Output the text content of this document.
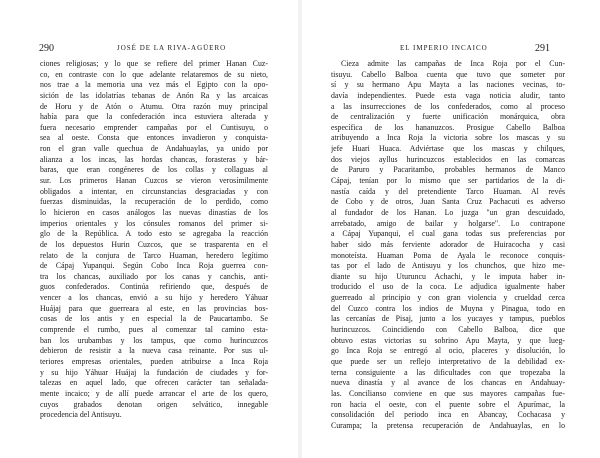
290	JOSÉ DE LA RIVA-AGÜERO
ciones religiosas; y lo que se refiere del primer Hanan Cuz-
co, en contraste con lo que adelante relataremos de su nieto,
nos trae a la memoria una vez más el Egipto con la opo-
sición de las idolatrías tebanas de Anón Ra y las arcaicas
de Horu y de Atón o Atumu. Otra razón muy principal
había para que la confederación inca estuviera alterada y
fuera necesario emprender campañas por el Cuntisuyu, o
sea al oeste. Consta que entonces invadieron y conquista-
ron el gran valle quechua de Andahuaylas, ya unido por
alianza a los incas, las hordas chancas, forasteras y bár-
baras, que eran congéneres de los collas y collaguas al
sur. Los primeros Hanan Cuzcos se vieron verosímilmente
obligados a intentar, en circunstancias desgraciadas y con
fuerzas disminuidas, la recuperación de lo perdido, como
lo hicieron en casos análogos las nuevas dinastías de los
imperios orientales y los cónsules romanos del primer si-
glo de la República. A todo esto se agregaba la reacción
de los depuestos Hurin Cuzcos, que se trasparenta en el
relato de la conjura de Tarco Huaman, heredero legítimo
de Cápaj Yupanqui. Según Cobo Inca Roja guerrea con-
tra los chancas, auxiliado por los canas y canchis, anti-
guos confederados. Continúa refiriendo que, después de
vencer a los chancas, envió a su hijo y heredero Yáhuar
Huájaj para que guerreara al este, en las provincias bos-
cosas de los antis y en especial la de Paucartambo. Se
comprende el rumbo, pues al comenzar tal camino esta-
ban los urubambas y los tampus, que como hurincuzcos
debieron de resistir a la nueva casa reinante. Por sus ul-
teriores empresas orientales, pueden atribuirse a Inca Roja
y su hijo Yáhuar Huájaj la fundación de ciudades y for-
talezas en aquel lado, que ofrecen carácter tan señalada-
mente incaico; y de allí puede arrancar el arte de los quero,
cuyos grabados denotan origen selvático, innegable
procedencia del Antisuyu.
EL IMPERIO INCAICO	291
Cieza admite las campañas de Inca Roja por el Cun-
tisuyu. Cabello Balboa cuenta que tuvo que someter por
sí y su hermano Apu Mayta a las naciones vecinas, to-
davía independientes. Puede esta vaga noticia aludir, tanto
a las insurrecciones de los confederados, como al proceso
de centralización y fuerte unificación monárquica, obra
específica de los hananuzcos. Prosigue Cabello Balboa
atribuyendo a Inca Roja la victoria sobre los mascas y su
jefe Huari Huaca. Adviértase que los mascas y chilques,
dos viejos ayllus hurincuzcos establecidos en las comarcas
de Paruro y Pacaritambo, probables hermanos de Manco
Cápaj, tenían por lo mismo que ser partidarios de la di-
nastía caída y del pretendiente Tarco Huaman. Al revés
de Cobo y de otros, Juan Santa Cruz Pachacuti es adverso
al fundador de los Hanan. Lo juzga "un gran descuidado,
arrebatado, amigo de bailar y holgarse". Lo contrapone
a Cápaj Yupanqui, el cual gana todas sus preferencias por
haber sido más ferviente adorador de Huiracocha y casi
monoteísta. Huaman Poma de Ayala le reconoce conquis-
tas por el lado de Antisuyu y los chunchos, que hizo me-
diante su hijo Uturuncu Achachi, y le imputa haber in-
troducido el uso de la coca. Le adjudica igualmente haber
guerreado al principio y con gran violencia y crueldad cerca
del Cuzco contra los indios de Muyna y Pinagua, todo en
las cercanías de Pisaj, junto a los yucayes y tampus, pueblos
hurincuzcos. Coincidiendo con Cabello Balboa, dice que
obtuvo estas victorias su sobrino Apu Mayta, y que lueg-
go Inca Roja se entregó al ocio, placeres y disolución, lo
que puede ser un reflejo interpretativo de la debilidad ex-
terna consiguiente a las dificultades con que tropezaba la
nueva dinastía y al avance de los chancas en Andahuay-
las. Concilianso conviene en que sus mayores campañas fue-
ron hacia el oeste, con el puente sobre el Apurímac, la
consolidación del periodo inca en Abancay, Cochacasa y
Curampa; la pretensa recuperación de Andahuaylas, en lo
